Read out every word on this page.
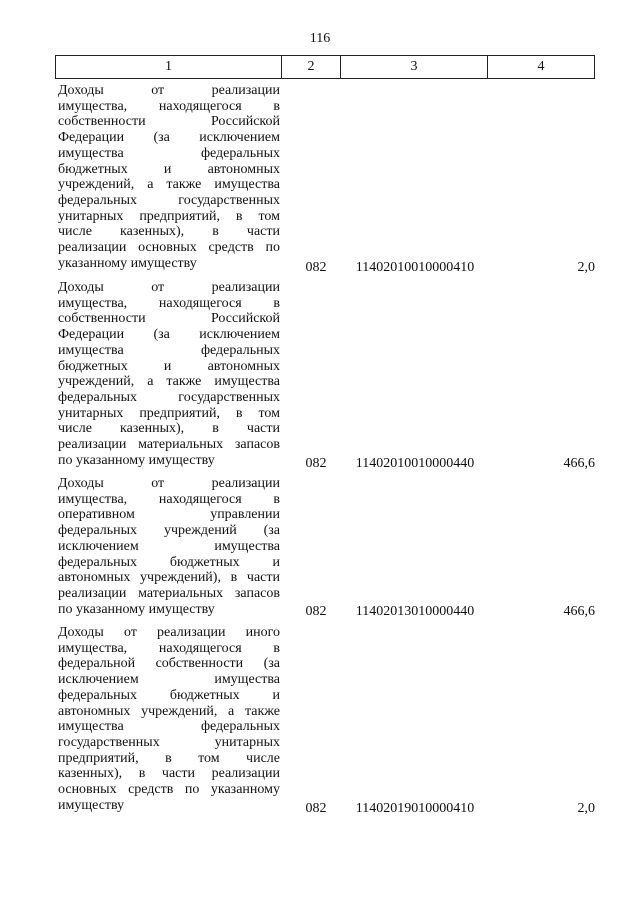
116
1	2	3	4
Доходы от реализации
имущества, находящегося в
собственности Российской
Федерации (за исключением
имущества федеральных
бюджетных и автономных
учреждений, а также имущества
федеральных государственных
унитарных предприятий, в том
числе казенных), в части
реализации основных средств по
указанному имуществу	082	11402010010000410	2,0
Доходы от реализации
имущества, находящегося в
собственности Российской
Федерации (за исключением
имущества федеральных
бюджетных и автономных
учреждений, а также имущества
федеральных государственных
унитарных предприятий, в том
числе казенных), в части
реализации материальных запасов
по указанному имуществу	082	11402010010000440	466,6
Доходы от реализации
имущества, находящегося в
оперативном управлении
федеральных учреждений (за
исключением имущества
федеральных бюджетных и
автономных учреждений), в части
реализации материальных запасов
по указанному имуществу	082	11402013010000440	466,6
Доходы от реализации иного
имущества, находящегося в
федеральной собственности (за
исключением имущества
федеральных бюджетных и
автономных учреждений, а также
имущества федеральных
государственных унитарных
предприятий, в том числе
казенных), в части реализации
основных средств по указанному
имуществу	082	11402019010000410	2,0
